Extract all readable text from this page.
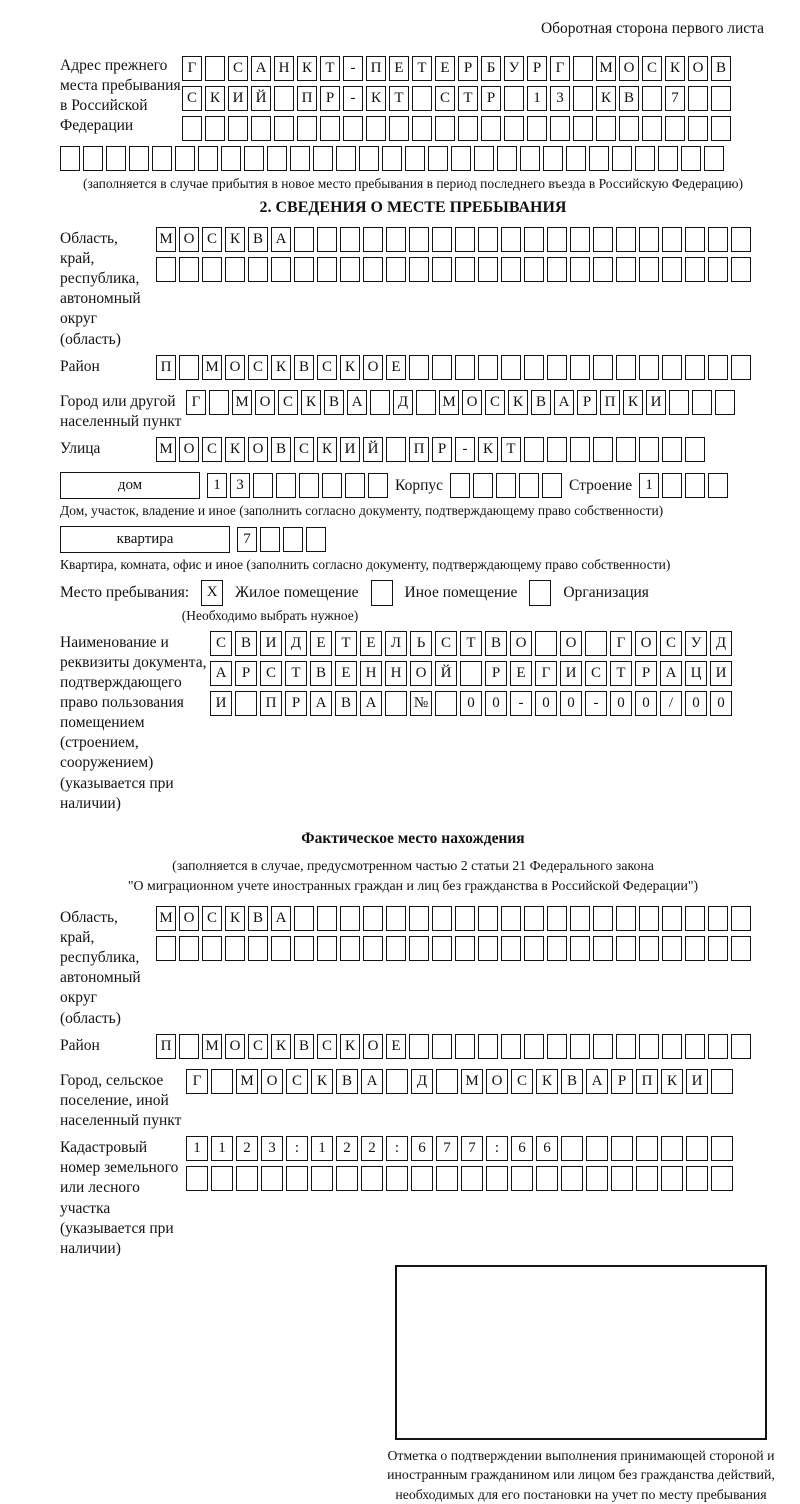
Оборотная сторона первого листа
Адрес прежнего места пребывания в Российской Федерации
Г	С А Н К Т	-	П Е Т Е Р Б У Р Г	М О С К О В
С К И Й	П Р	-	К Т	С Т Р	1	3	К В	7
(заполняется в случае прибытия в новое место пребывания в период последнего въезда в Российскую Федерацию)
2. СВЕДЕНИЯ О МЕСТЕ ПРЕБЫВАНИЯ
Область, край, республика, автономный округ (область)
М О С К В А
Район	П	М О С К В С К О Е
Город или другой населенный пункт
Г	М О С К В А	Д	М О С К В А Р П К И
Улица	М О С К О В С К И Й	П Р	-	К Т
дом	1	3	Корпус	Строение 1
Дом, участок, владение и иное (заполнить согласно документу, подтверждающему право собственности)
квартира	7
Квартира, комната, офис и иное (заполнить согласно документу, подтверждающему право собственности)
Место пребывания:	X	Жилое помещение	Иное помещение	Организация
(Необходимо выбрать нужное)
Наименование и реквизиты документа, подтверждающего право пользования помещением (строением, сооружением) (указывается при наличии)
С В И Д	Е	Т	Е	Л	Ь	С	Т	В О	О	Г	О С У Д
А	Р	С	Т	В	Е	Н Н О Й	Р	Е	Г	И С	Т	Р	А Ц И
И	П	Р	А В А	№	0	0	-	0	0	-	0	0	/	0	0
Фактическое место нахождения
(заполняется в случае, предусмотренном частью 2 статьи 21 Федерального закона
"О миграционном учете иностранных граждан и лиц без гражданства в Российской Федерации")
Область, край, республика, автономный округ (область)
М О С К В А
Район	П	М О С К В С К О Е
Город, сельское поселение, иной населенный пункт
Г	М О С К В А	Д	М О С К В А	Р	П К И
Кадастровый номер земельного или лесного участка (указывается при наличии)
1	1	2	3	:	1	2	2	:	6	7	7	:	6	6
Отметка о подтверждении выполнения принимающей стороной и иностранным гражданином или лицом без гражданства действий, необходимых для его постановки на учет по месту пребывания
